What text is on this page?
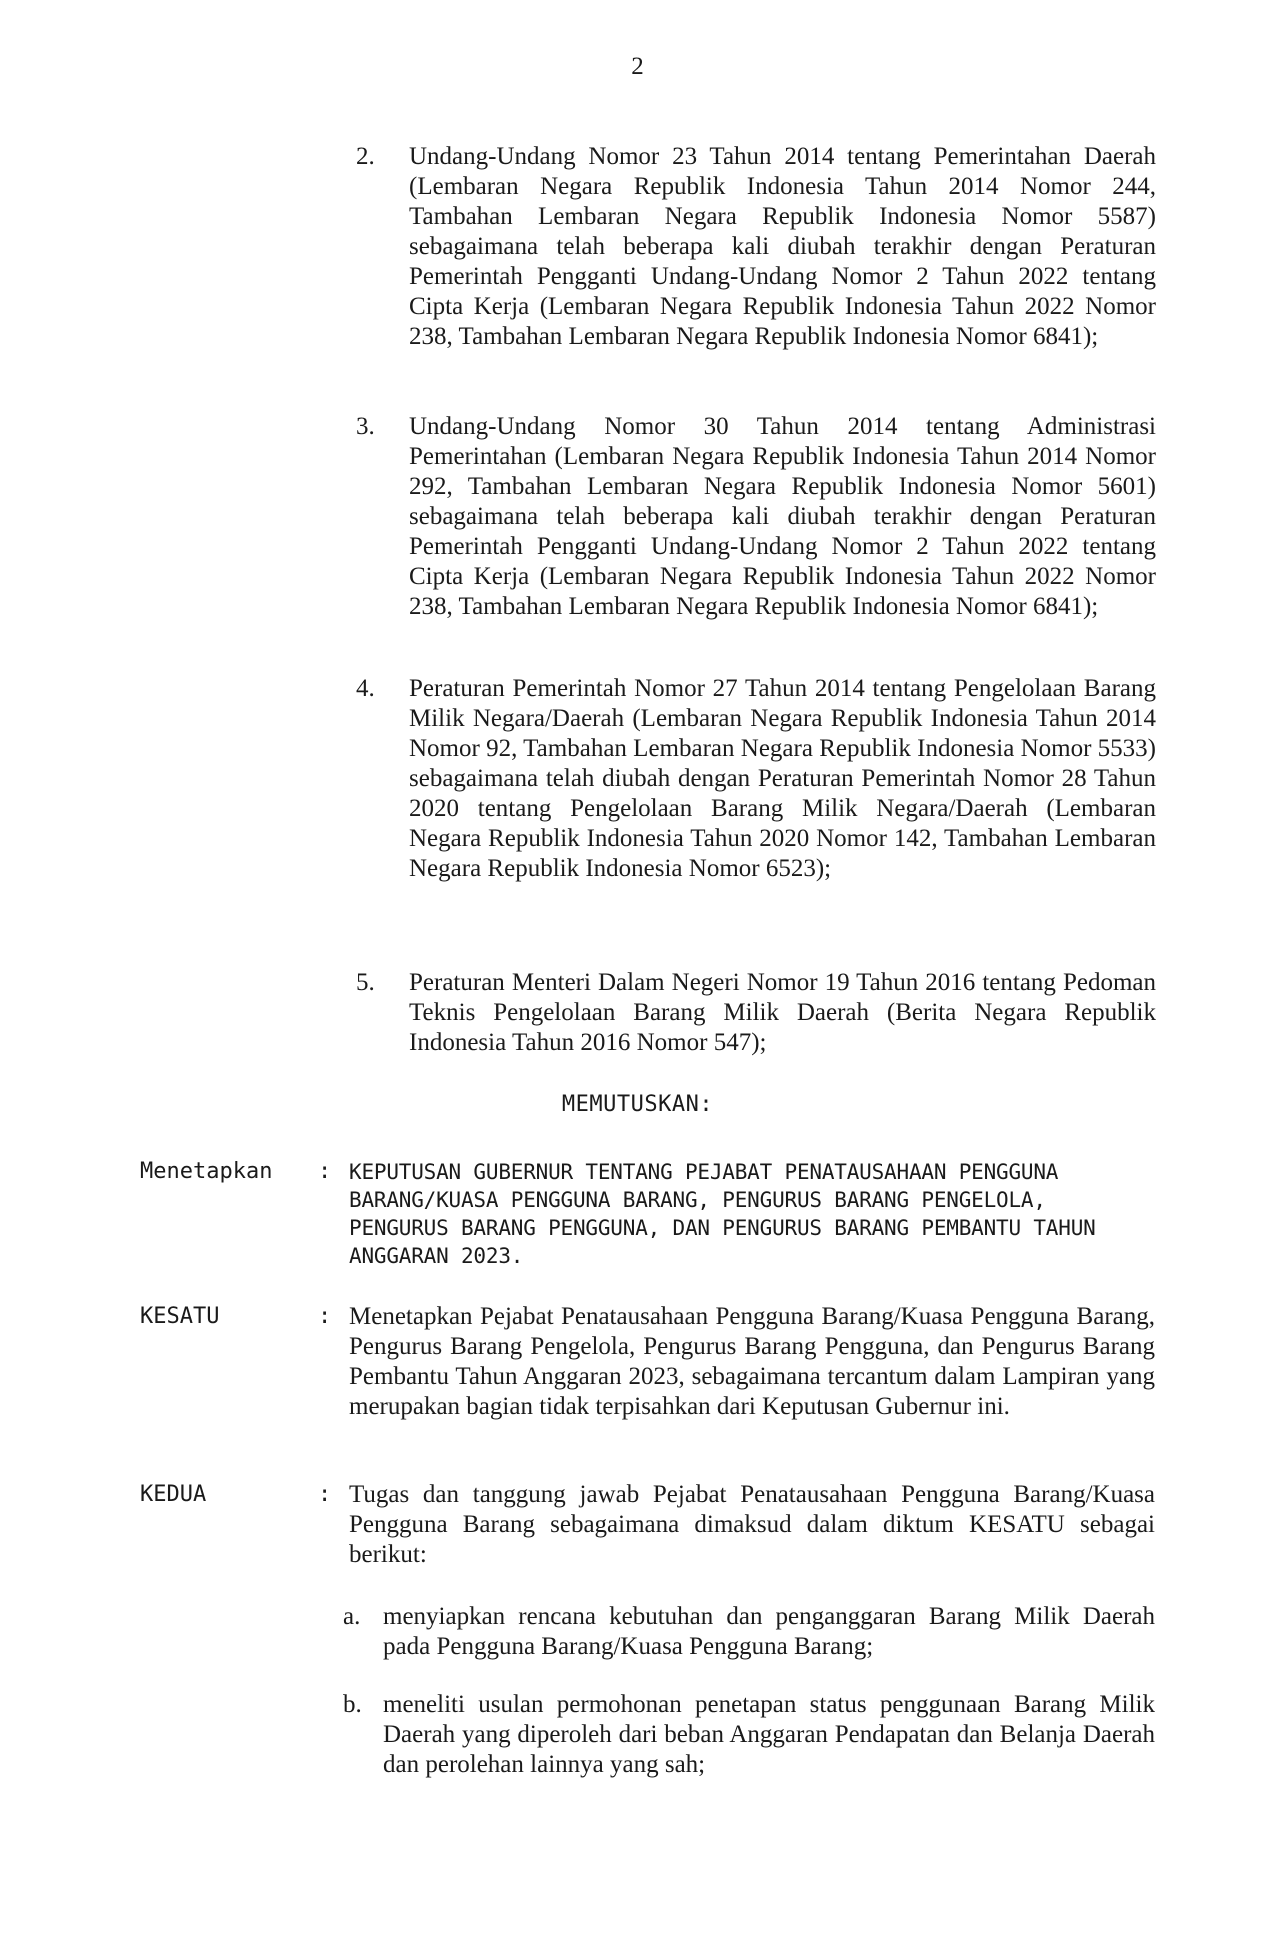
2
2.	Undang-Undang Nomor 23 Tahun 2014 tentang Pemerintahan Daerah (Lembaran Negara Republik Indonesia Tahun 2014 Nomor 244, Tambahan Lembaran Negara Republik Indonesia Nomor 5587) sebagaimana telah beberapa kali diubah terakhir dengan Peraturan Pemerintah Pengganti Undang-Undang Nomor 2 Tahun 2022 tentang Cipta Kerja (Lembaran Negara Republik Indonesia Tahun 2022 Nomor 238, Tambahan Lembaran Negara Republik Indonesia Nomor 6841);
3.	Undang-Undang Nomor 30 Tahun 2014 tentang Administrasi Pemerintahan (Lembaran Negara Republik Indonesia Tahun 2014 Nomor 292, Tambahan Lembaran Negara Republik Indonesia Nomor 5601) sebagaimana telah beberapa kali diubah terakhir dengan Peraturan Pemerintah Pengganti Undang-Undang Nomor 2 Tahun 2022 tentang Cipta Kerja (Lembaran Negara Republik Indonesia Tahun 2022 Nomor 238, Tambahan Lembaran Negara Republik Indonesia Nomor 6841);
4.	Peraturan Pemerintah Nomor 27 Tahun 2014 tentang Pengelolaan Barang Milik Negara/Daerah (Lembaran Negara Republik Indonesia Tahun 2014 Nomor 92, Tambahan Lembaran Negara Republik Indonesia Nomor 5533) sebagaimana telah diubah dengan Peraturan Pemerintah Nomor 28 Tahun 2020 tentang Pengelolaan Barang Milik Negara/Daerah (Lembaran Negara Republik Indonesia Tahun 2020 Nomor 142, Tambahan Lembaran Negara Republik Indonesia Nomor 6523);
5.	Peraturan Menteri Dalam Negeri Nomor 19 Tahun 2016 tentang Pedoman Teknis Pengelolaan Barang Milik Daerah (Berita Negara Republik Indonesia Tahun 2016 Nomor 547);
MEMUTUSKAN:
Menetapkan	: KEPUTUSAN GUBERNUR TENTANG PEJABAT PENATAUSAHAAN PENGGUNA BARANG/KUASA PENGGUNA BARANG, PENGURUS BARANG PENGELOLA, PENGURUS BARANG PENGGUNA, DAN PENGURUS BARANG PEMBANTU TAHUN ANGGARAN 2023.
KESATU	: Menetapkan Pejabat Penatausahaan Pengguna Barang/Kuasa Pengguna Barang, Pengurus Barang Pengelola, Pengurus Barang Pengguna, dan Pengurus Barang Pembantu Tahun Anggaran 2023, sebagaimana tercantum dalam Lampiran yang merupakan bagian tidak terpisahkan dari Keputusan Gubernur ini.
KEDUA	: Tugas dan tanggung jawab Pejabat Penatausahaan Pengguna Barang/Kuasa Pengguna Barang sebagaimana dimaksud dalam diktum KESATU sebagai berikut:
a. menyiapkan rencana kebutuhan dan penganggaran Barang Milik Daerah pada Pengguna Barang/Kuasa Pengguna Barang;
b. meneliti usulan permohonan penetapan status penggunaan Barang Milik Daerah yang diperoleh dari beban Anggaran Pendapatan dan Belanja Daerah dan perolehan lainnya yang sah;
